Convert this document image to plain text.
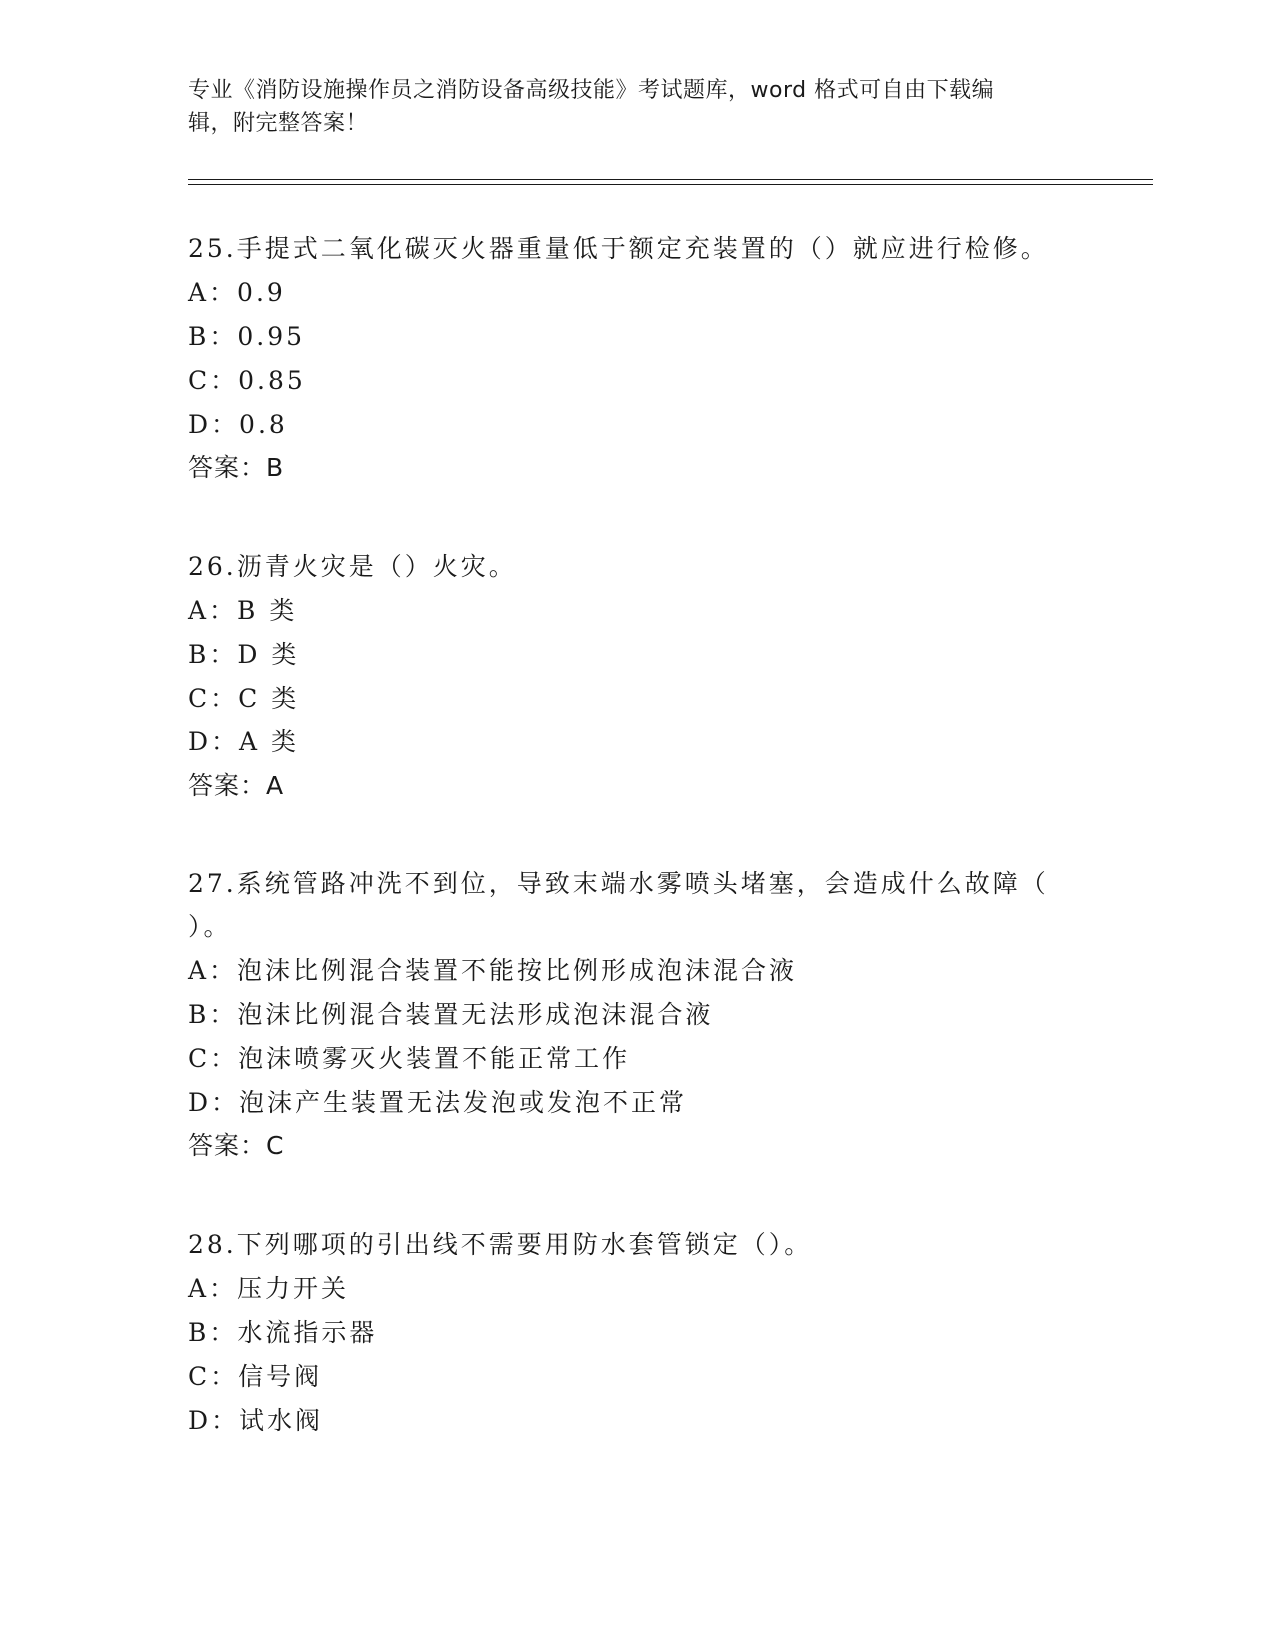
专业《消防设施操作员之消防设备高级技能》考试题库，word 格式可自由下载编
辑，附完整答案！
25.手提式二氧化碳灭火器重量低于额定充装置的（）就应进行检修。
A：0.9
B：0.95
C：0.85
D：0.8
答案：B
26.沥青火灾是（）火灾。
A：B 类
B：D 类
C：C 类
D：A 类
答案：A
27.系统管路冲洗不到位，导致末端水雾喷头堵塞，会造成什么故障（
）。
A：泡沫比例混合装置不能按比例形成泡沫混合液
B：泡沫比例混合装置无法形成泡沫混合液
C：泡沫喷雾灭火装置不能正常工作
D：泡沫产生装置无法发泡或发泡不正常
答案：C
28.下列哪项的引出线不需要用防水套管锁定（）。
A：压力开关
B：水流指示器
C：信号阀
D：试水阀
